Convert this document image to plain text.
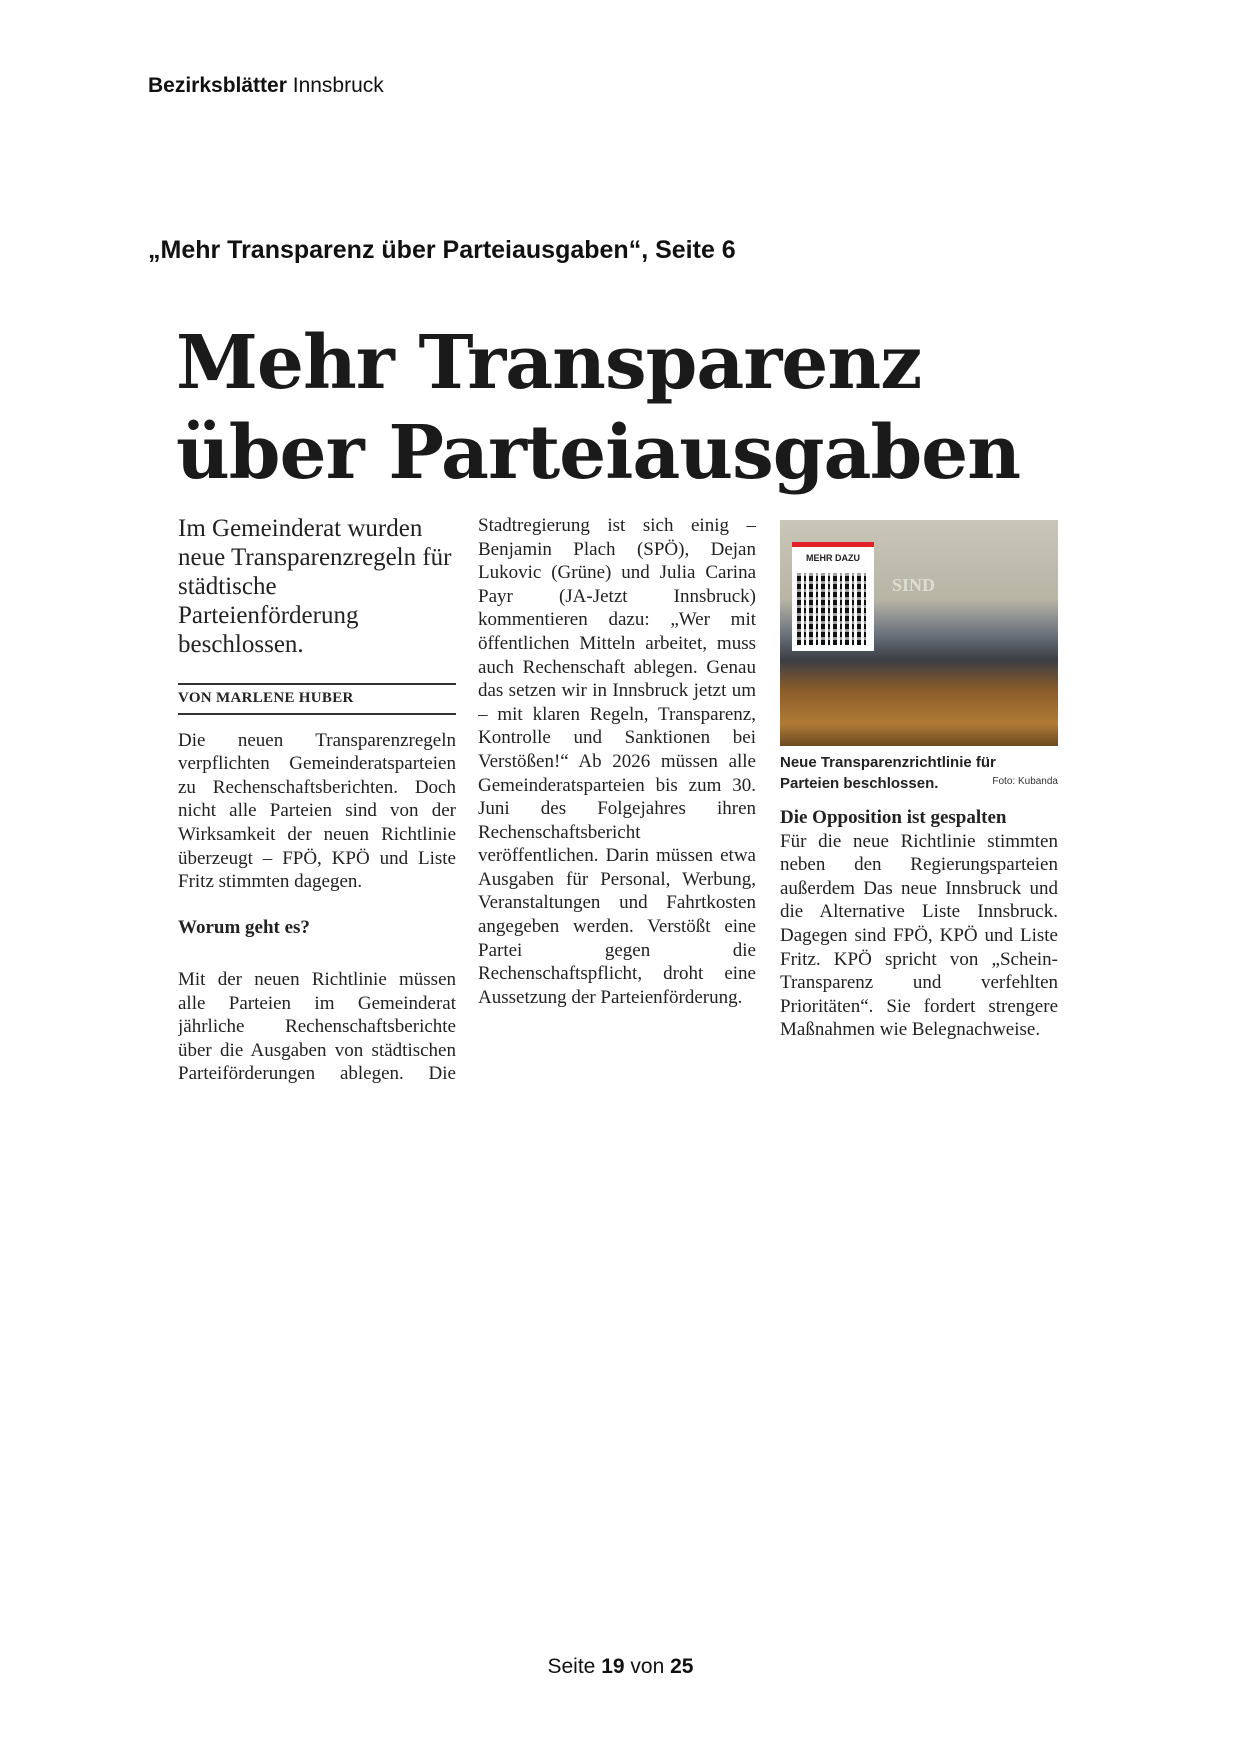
Bezirksblätter Innsbruck
„Mehr Transparenz über Parteiausgaben“, Seite 6
Mehr Transparenz
über Parteiausgaben

Im Gemeinderat wurden neue Transparenzregeln für städtische Parteienförderung beschlossen.

VON MARLENE HUBER
Die neuen Transparenzregeln verpflichten Gemeinderatsparteien zu Rechenschaftsberichten. Doch nicht alle Parteien sind von der Wirksamkeit der neuen Richtlinie überzeugt – FPÖ, KPÖ und Liste Fritz stimmten dagegen.
Worum geht es?
Stadtregierung ist sich einig – Benjamin Plach (SPÖ), Dejan Lukovic (Grüne) und Julia Carina Payr (JA-Jetzt Innsbruck) kommentieren dazu: „Wer mit öffentlichen Mitteln arbeitet, muss auch Rechenschaft ablegen. Genau das setzen wir in Innsbruck jetzt um – mit klaren Regeln, Transparenz, Kontrolle und Sanktionen bei Verstößen!“ Ab 2026 müssen alle Gemeinderatsparteien bis zum 30. Juni des Folgejahres ihren Rechenschaftsbericht veröffentlichen. Darin müssen etwa Ausgaben für Personal, Werbung, Veranstaltungen und Fahrtkosten angegeben werden. Verstößt eine Partei gegen die Rechenschaftspflicht, droht eine Aussetzung der Parteienförderung.
Mit der neuen Richtlinie müssen alle Parteien im Gemeinderat jährliche Rechenschaftsberichte über die Ausgaben von städtischen Parteiförderungen ablegen. Die
SIND
MEHR DAZU
Neue Transparenzrichtlinie für Parteien beschlossen.	Foto: Kubanda
Die Opposition ist gespalten
Für die neue Richtlinie stimmten neben den Regierungsparteien außerdem Das neue Innsbruck und die Alternative Liste Innsbruck. Dagegen sind FPÖ, KPÖ und Liste Fritz. KPÖ spricht von „Schein-Transparenz und verfehlten Prioritäten“. Sie fordert strengere Maßnahmen wie Belegnachweise.
Seite 19 von 25
